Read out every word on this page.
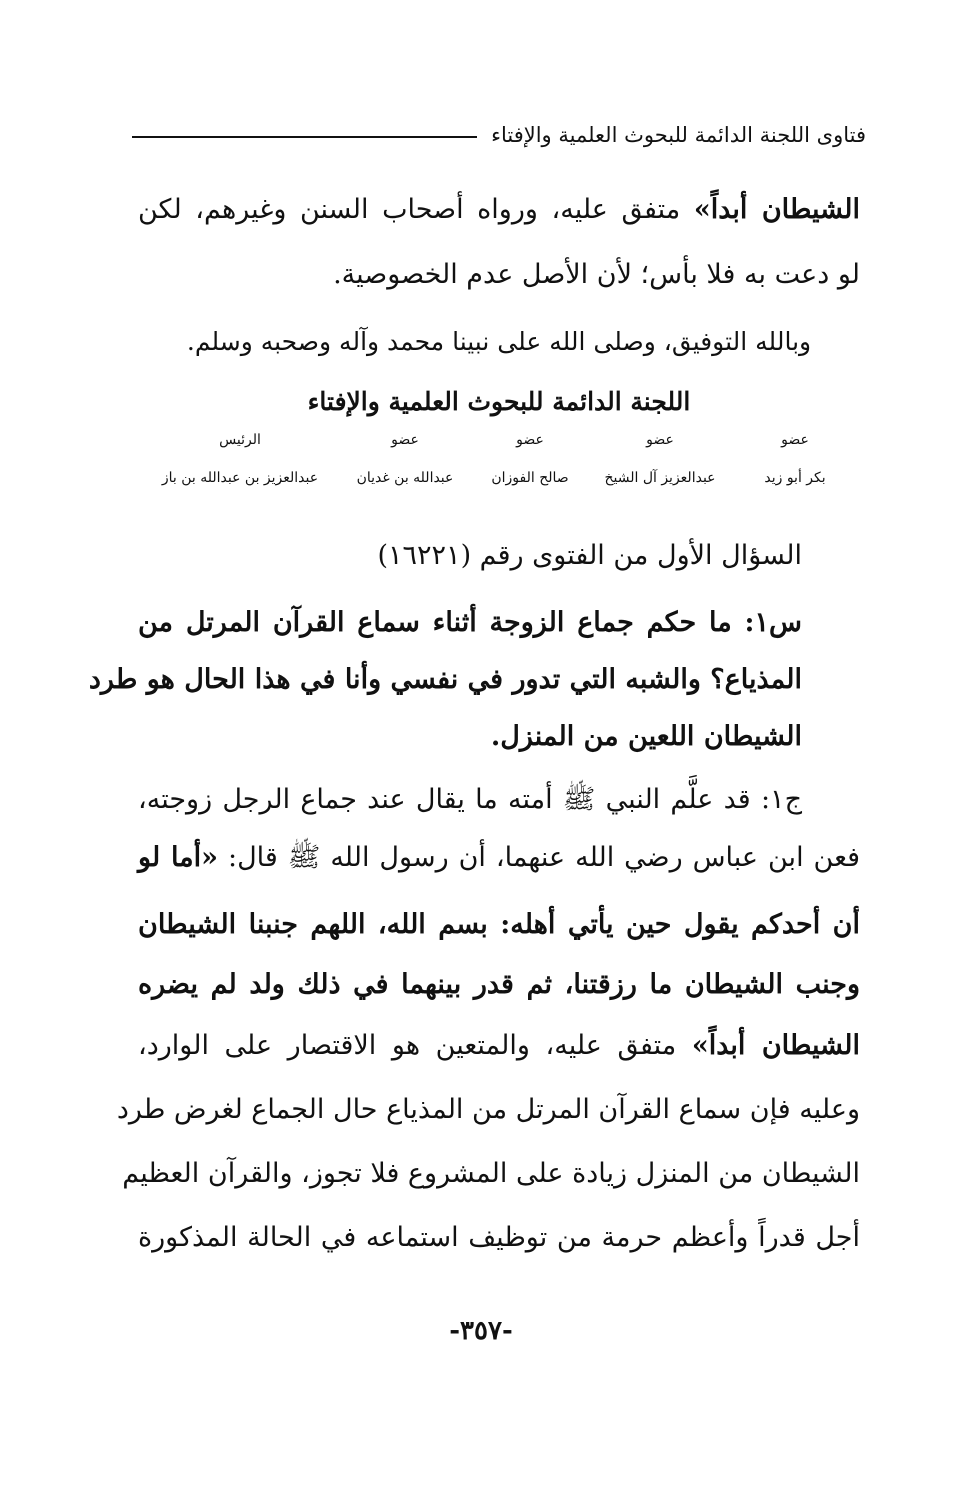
فتاوى اللجنة الدائمة للبحوث العلمية والإفتاء
الشيطان أبداً» متفق عليه، ورواه أصحاب السنن وغيرهم، لكن
لو دعت به فلا بأس؛ لأن الأصل عدم الخصوصية.
وبالله التوفيق، وصلى الله على نبينا محمد وآله وصحبه وسلم.
اللجنة الدائمة للبحوث العلمية والإفتاء
عضو
عضو
عضو
عضو
الرئيس
بكر أبو زيد
عبدالعزيز آل الشيخ
صالح الفوزان
عبدالله بن غديان
عبدالعزيز بن عبدالله بن باز
السؤال الأول من الفتوى رقم (١٦٢٢١)
س١: ما حكم جماع الزوجة أثناء سماع القرآن المرتل من
المذياع؟ والشبه التي تدور في نفسي وأنا في هذا الحال هو طرد
الشيطان اللعين من المنزل.
ج١: قد علَّم النبي ﷺ أمته ما يقال عند جماع الرجل زوجته،
فعن ابن عباس رضي الله عنهما، أن رسول الله ﷺ قال: «أما لو
أن أحدكم يقول حين يأتي أهله: بسم الله، اللهم جنبنا الشيطان
وجنب الشيطان ما رزقتنا، ثم قدر بينهما في ذلك ولد لم يضره
الشيطان أبداً» متفق عليه، والمتعين هو الاقتصار على الوارد،
وعليه فإن سماع القرآن المرتل من المذياع حال الجماع لغرض طرد
الشيطان من المنزل زيادة على المشروع فلا تجوز، والقرآن العظيم
أجل قدراً وأعظم حرمة من توظيف استماعه في الحالة المذكورة
-٣٥٧-
